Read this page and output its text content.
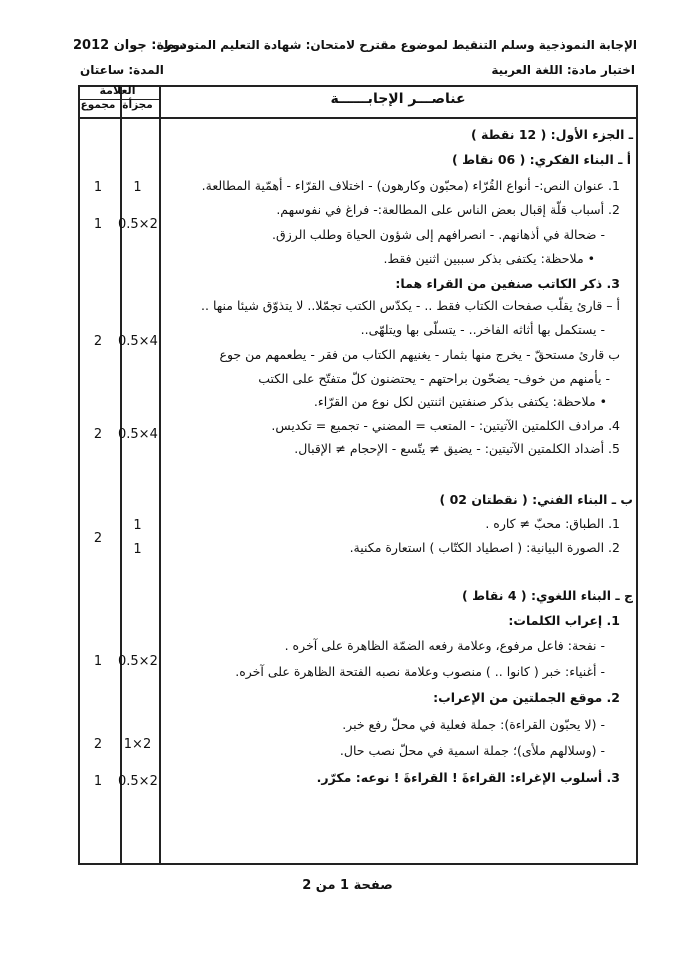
الإجابة النموذجية وسلم التنقيط لموضوع مقترح لامتحان: شهادة التعليم المتوسط
دورة: جوان 2012
اختبار مادة: اللغة العربية
المدة: ساعتان
عناصـــر الإجابــــــة
العلامة
مجزأة
مجموع
ـ الجزء الأول: ( 12 نقطة )
أ ـ البناء الفكري: ( 06 نقاط )
1. عنوان النص:- أنواع القُرّاء (محبّون وكارهون) - اختلاف القرّاء - أهمّية المطالعة.
2. أسباب قلّة إقبال بعض الناس على المطالعة:- فراغ في نفوسهم.
- ضحالة في أذهانهم. - انصرافهم إلى شؤون الحياة وطلب الرزق.
• ملاحظة: يكتفى بذكر سببين اثنين فقط.
3. ذكر الكاتب صنفين من القراء هما:
أ – قارئ يقلّب صفحات الكتاب فقط .. - يكدّس الكتب تجمّلا.. لا يتذوّق شيئا منها ..
- يستكمل بها أثاثه الفاخر.. - يتسلّى بها ويتلهّى..
ب قارئ مستحقّ - يخرج منها بثمار - يغنيهم الكتاب من فقر - يطعمهم من جوع
- يأمنهم من خوف- يضحّون براحتهم - يحتضنون كلّ متفتّح على الكتب
• ملاحظة: يكتفى بذكر صنفتين اثنتين لكل نوع من القرّاء.
4. مرادف الكلمتين الآتيتين: - المتعب = المضني - تجميع = تكديس.
5. أضداد الكلمتين الآتيتين: - يضيق ≠ يتّسع - الإحجام ≠ الإقبال.
ب ـ البناء الفني: ( نقطتان 02 )
1. الطباق: محبّ ≠ كاره .
2. الصورة البيانية: ( اصطياد الكتّاب ) استعارة مكنية.
ج ـ البناء اللغوي: ( 4 نقاط )
1. إعراب الكلمات:
- نفحة: فاعل مرفوع، وعلامة رفعه الضمّة الظاهرة على آخره .
- أغنياء: خبر ( كانوا .. ) منصوب وعلامة نصبه الفتحة الظاهرة على آخره.
2. موقع الجملتين من الإعراب:
- (لا يحبّون القراءة): جملة فعلية في محلّ رفع خبر.
- (وسلالهم ملأى)؛ جملة اسمية في محلّ نصب حال.
3. أسلوب الإغراء: القراءةَ ! القراءةَ ! نوعه: مكرّر.
1
0.5×2
0.5×4
0.5×4
1
1
0.5×2
1×2
0.5×2
1
1
2
2
2
1
2
1
صفحة 1 من 2
